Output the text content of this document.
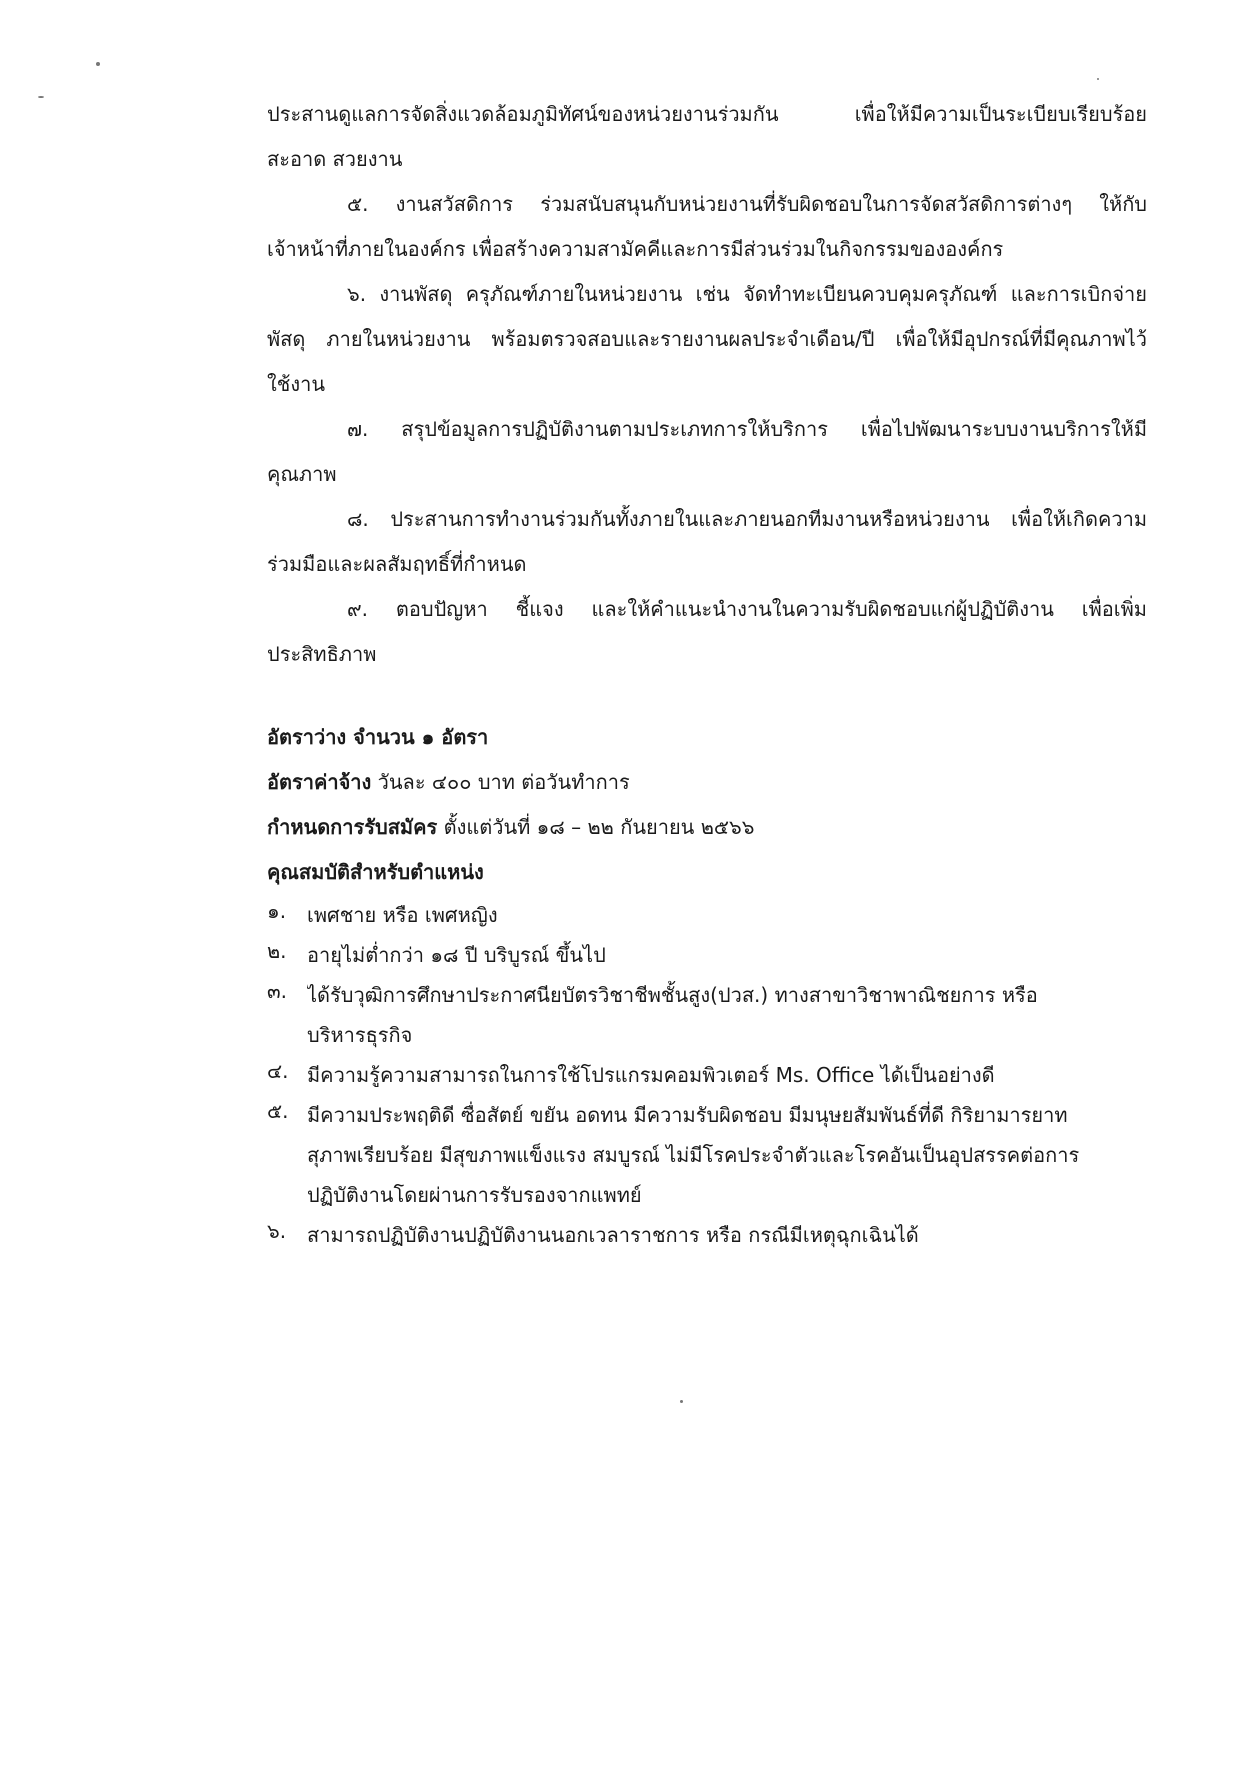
ประสานดูแลการจัดสิ่งแวดล้อมภูมิทัศน์ของหน่วยงานร่วมกัน เพื่อให้มีความเป็นระเบียบเรียบร้อย
สะอาด สวยงาน
๕. งานสวัสดิการ ร่วมสนับสนุนกับหน่วยงานที่รับผิดชอบในการจัดสวัสดิการต่างๆ ให้กับ
เจ้าหน้าที่ภายในองค์กร เพื่อสร้างความสามัคคีและการมีส่วนร่วมในกิจกรรมขององค์กร
๖. งานพัสดุ ครุภัณฑ์ภายในหน่วยงาน เช่น จัดทำทะเบียนควบคุมครุภัณฑ์ และการเบิกจ่าย
พัสดุ ภายในหน่วยงาน พร้อมตรวจสอบและรายงานผลประจำเดือน/ปี เพื่อให้มีอุปกรณ์ที่มีคุณภาพไว้
ใช้งาน
๗. สรุปข้อมูลการปฏิบัติงานตามประเภทการให้บริการ เพื่อไปพัฒนาระบบงานบริการให้มี
คุณภาพ
๘. ประสานการทำงานร่วมกันทั้งภายในและภายนอกทีมงานหรือหน่วยงาน เพื่อให้เกิดความ
ร่วมมือและผลสัมฤทธิ์ที่กำหนด
๙. ตอบปัญหา ชี้แจง และให้คำแนะนำงานในความรับผิดชอบแก่ผู้ปฏิบัติงาน เพื่อเพิ่ม
ประสิทธิภาพ
อัตราว่าง จำนวน ๑ อัตรา
อัตราค่าจ้าง วันละ ๔๐๐ บาท ต่อวันทำการ
กำหนดการรับสมัคร ตั้งแต่วันที่ ๑๘ – ๒๒ กันยายน ๒๕๖๖
คุณสมบัติสำหรับตำแหน่ง
๑. เพศชาย หรือ เพศหญิง
๒. อายุไม่ต่ำกว่า ๑๘ ปี บริบูรณ์ ขึ้นไป
๓. ได้รับวุฒิการศึกษาประกาศนียบัตรวิชาชีพชั้นสูง(ปวส.) ทางสาขาวิชาพาณิชยการ หรือ
บริหารธุรกิจ
๔. มีความรู้ความสามารถในการใช้โปรแกรมคอมพิวเตอร์ Ms. Office ได้เป็นอย่างดี
๕. มีความประพฤติดี ซื่อสัตย์ ขยัน อดทน มีความรับผิดชอบ มีมนุษยสัมพันธ์ที่ดี กิริยามารยาท
สุภาพเรียบร้อย มีสุขภาพแข็งแรง สมบูรณ์ ไม่มีโรคประจำตัวและโรคอันเป็นอุปสรรคต่อการ
ปฏิบัติงานโดยผ่านการรับรองจากแพทย์
๖. สามารถปฏิบัติงานปฏิบัติงานนอกเวลาราชการ หรือ กรณีมีเหตุฉุกเฉินได้
